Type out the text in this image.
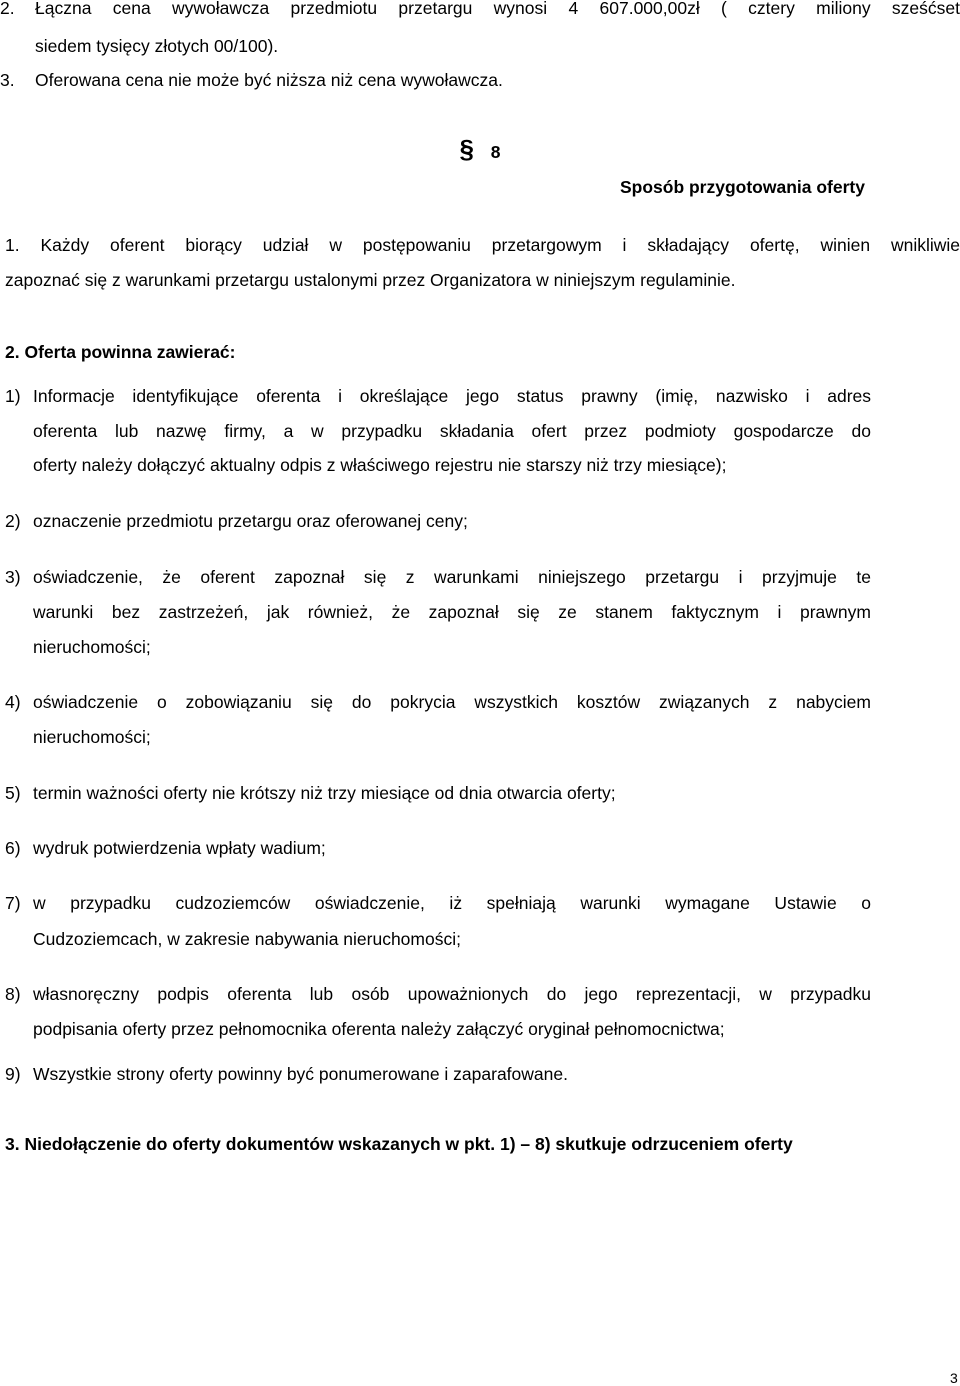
2. Łączna cena wywoławcza przedmiotu przetargu wynosi 4 607.000,00zł ( cztery miliony sześćset
siedem tysięcy złotych 00/100).
3. Oferowana cena nie może być niższa niż cena wywoławcza.
§ 8
Sposób przygotowania oferty
1. Każdy oferent biorący udział w postępowaniu przetargowym i składający ofertę, winien wnikliwie
zapoznać się z warunkami przetargu ustalonymi przez Organizatora w niniejszym regulaminie.
2. Oferta powinna zawierać:
1) Informacje identyfikujące oferenta i określające jego status prawny (imię, nazwisko i adres
oferenta lub nazwę firmy, a w przypadku składania ofert przez podmioty gospodarcze do
oferty należy dołączyć aktualny odpis z właściwego rejestru nie starszy niż trzy miesiące);
2) oznaczenie przedmiotu przetargu oraz oferowanej ceny;
3) oświadczenie, że oferent zapoznał się z warunkami niniejszego przetargu i przyjmuje te
warunki bez zastrzeżeń, jak również, że zapoznał się ze stanem faktycznym i prawnym
nieruchomości;
4) oświadczenie o zobowiązaniu się do pokrycia wszystkich kosztów związanych z nabyciem
nieruchomości;
5) termin ważności oferty nie krótszy niż trzy miesiące od dnia otwarcia oferty;
6) wydruk potwierdzenia wpłaty wadium;
7) w przypadku cudzoziemców oświadczenie, iż spełniają warunki wymagane Ustawie o
Cudzoziemcach, w zakresie nabywania nieruchomości;
8) własnoręczny podpis oferenta lub osób upoważnionych do jego reprezentacji, w przypadku
podpisania oferty przez pełnomocnika oferenta należy załączyć oryginał pełnomocnictwa;
9) Wszystkie strony oferty powinny być ponumerowane i zaparafowane.
3. Niedołączenie do oferty dokumentów wskazanych w pkt. 1) – 8) skutkuje odrzuceniem oferty
3
